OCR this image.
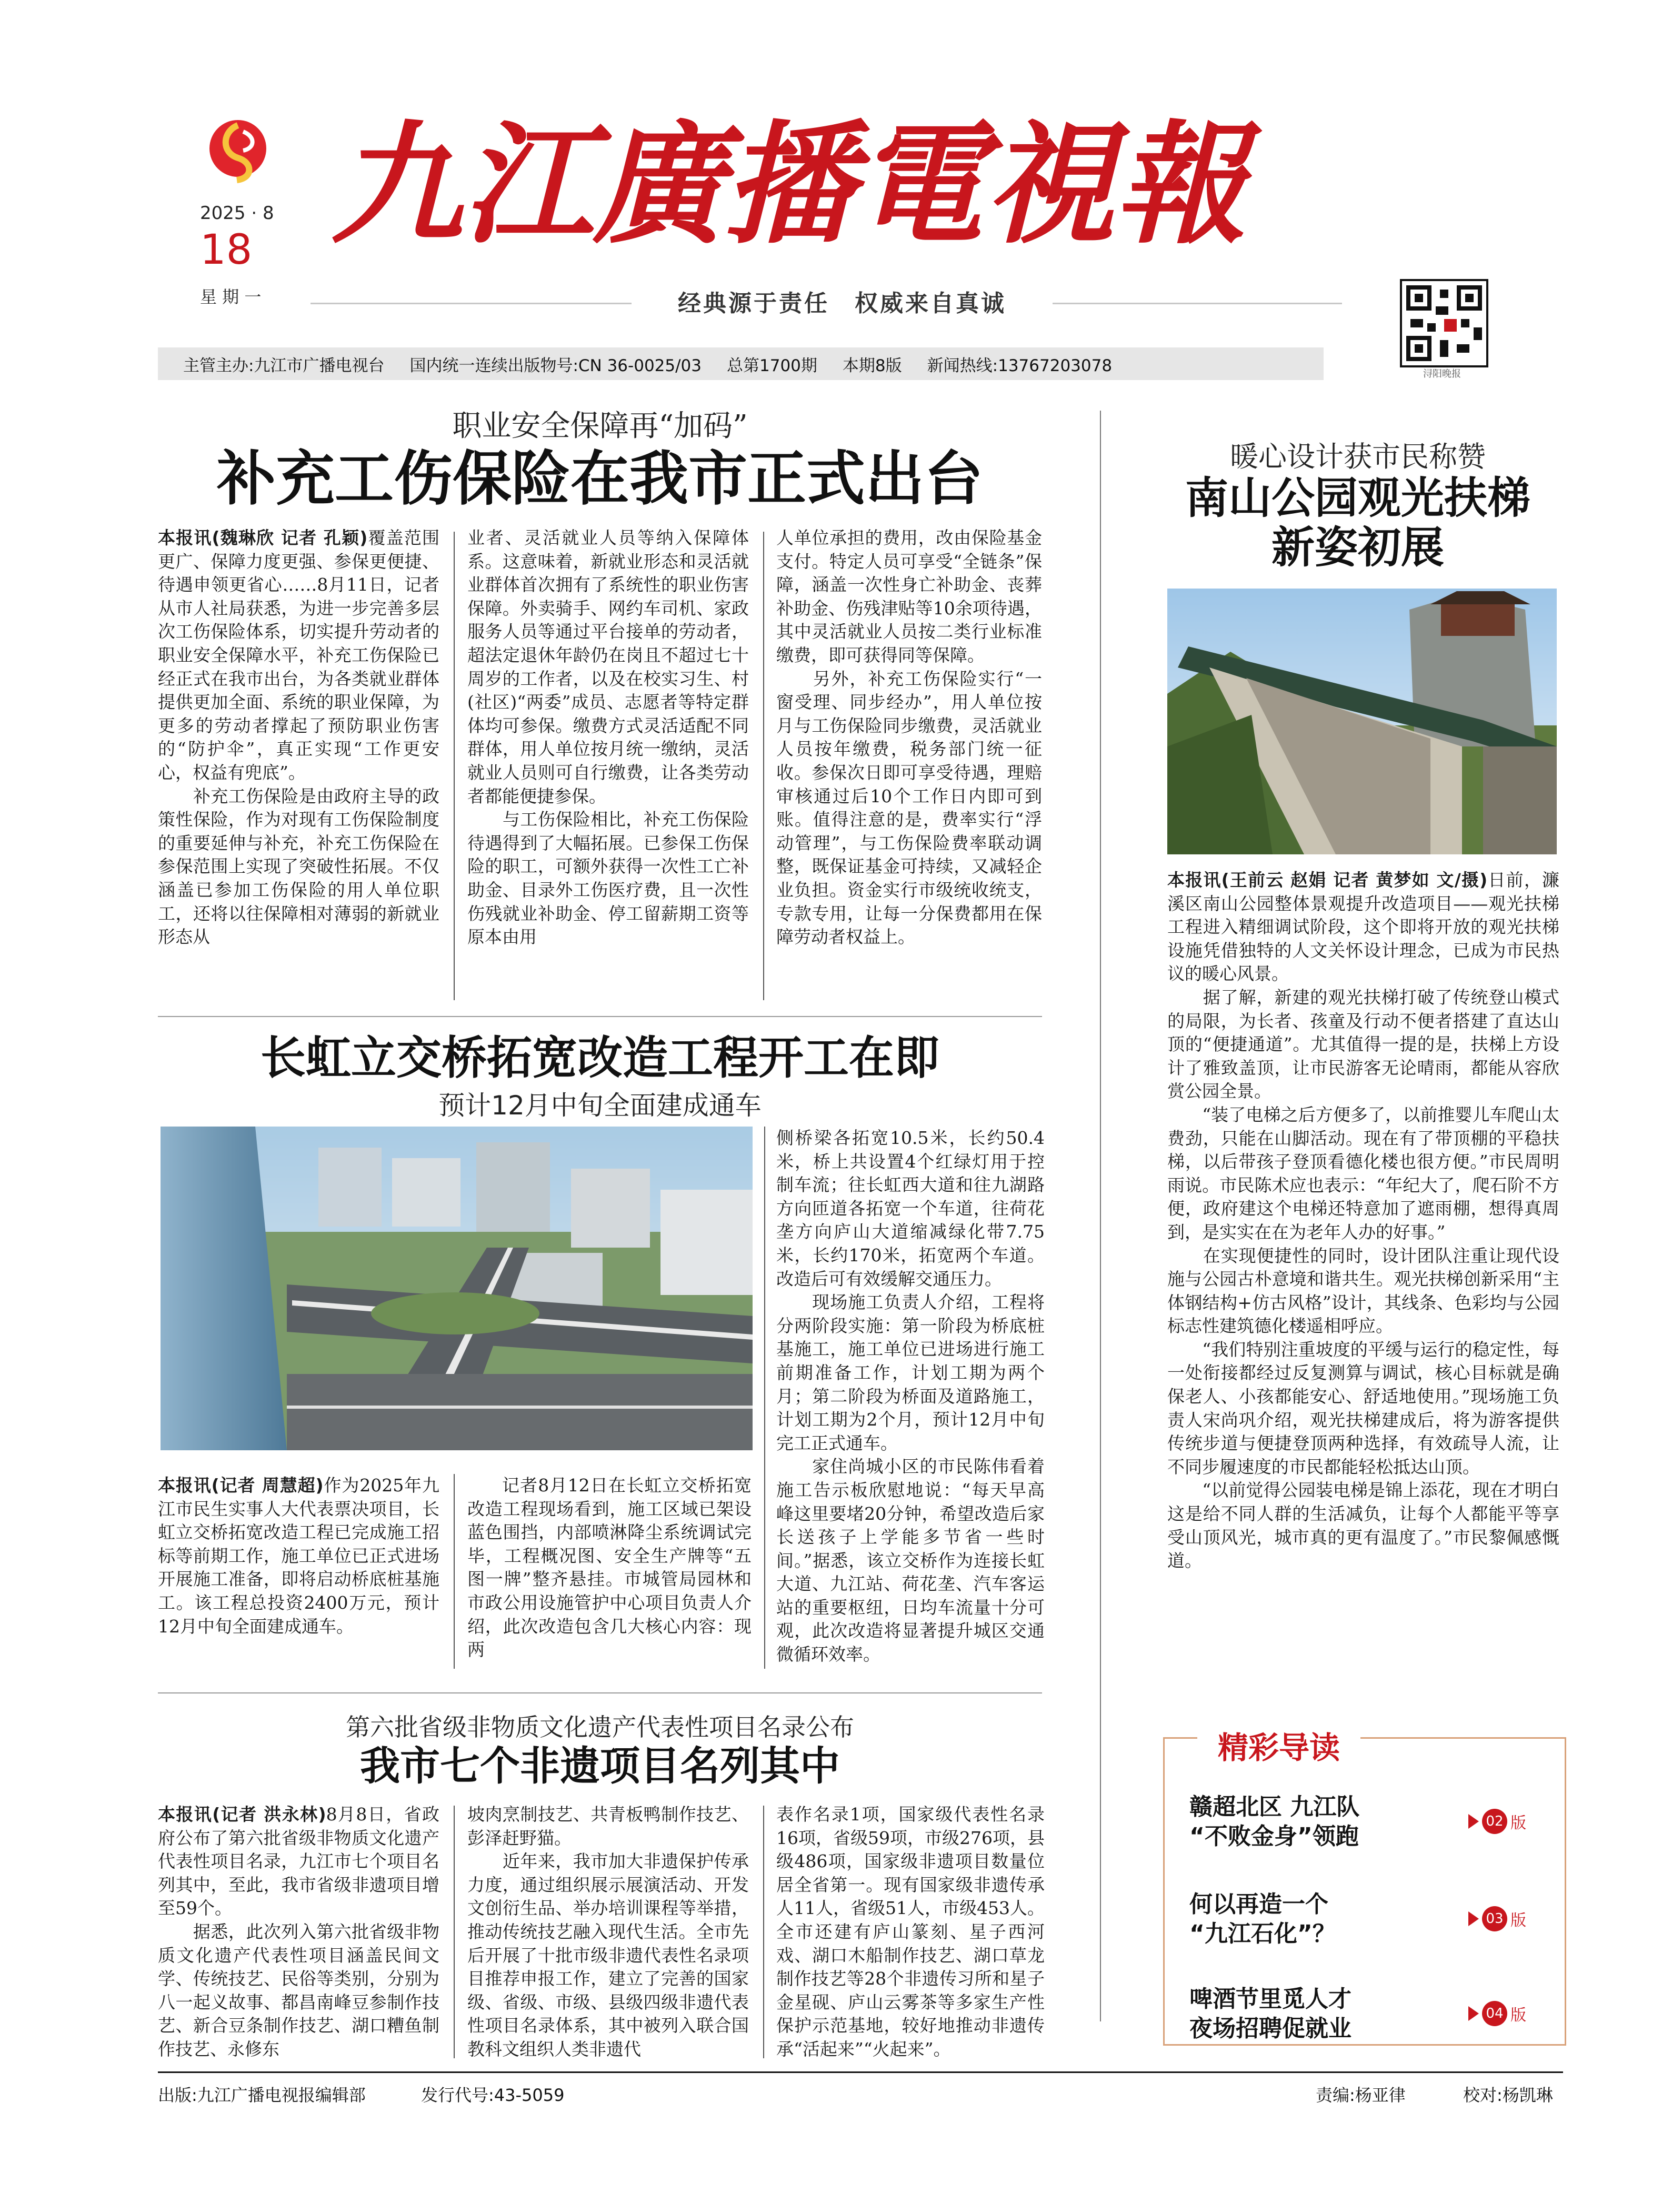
2025 · 8
18
星 期 一
九江廣播電視報
经典源于责任　权威来自真诚
浔阳晚报
主管主办:九江市广播电视台 国内统一连续出版物号:CN 36-0025/03 总第1700期 本期8版 新闻热线:13767203078
职业安全保障再“加码”
补充工伤保险在我市正式出台
本报讯(魏琳欣 记者 孔颖)覆盖范围更广、保障力度更强、参保更便捷、待遇申领更省心……8月11日，记者从市人社局获悉，为进一步完善多层次工伤保险体系，切实提升劳动者的职业安全保障水平，补充工伤保险已经正式在我市出台，为各类就业群体提供更加全面、系统的职业保障，为更多的劳动者撑起了预防职业伤害的“防护伞”，真正实现“工作更安心，权益有兜底”。
　　补充工伤保险是由政府主导的政策性保险，作为对现有工伤保险制度的重要延伸与补充，补充工伤保险在参保范围上实现了突破性拓展。不仅涵盖已参加工伤保险的用人单位职工，还将以往保障相对薄弱的新就业形态从
业者、灵活就业人员等纳入保障体系。这意味着，新就业形态和灵活就业群体首次拥有了系统性的职业伤害保障。外卖骑手、网约车司机、家政服务人员等通过平台接单的劳动者，超法定退休年龄仍在岗且不超过七十周岁的工作者，以及在校实习生、村(社区)“两委”成员、志愿者等特定群体均可参保。缴费方式灵活适配不同群体，用人单位按月统一缴纳，灵活就业人员则可自行缴费，让各类劳动者都能便捷参保。
　　与工伤保险相比，补充工伤保险待遇得到了大幅拓展。已参保工伤保险的职工，可额外获得一次性工亡补助金、目录外工伤医疗费，且一次性伤残就业补助金、停工留薪期工资等原本由用
人单位承担的费用，改由保险基金支付。特定人员可享受“全链条”保障，涵盖一次性身亡补助金、丧葬补助金、伤残津贴等10余项待遇，其中灵活就业人员按二类行业标准缴费，即可获得同等保障。
　　另外，补充工伤保险实行“一窗受理、同步经办”，用人单位按月与工伤保险同步缴费，灵活就业人员按年缴费，税务部门统一征收。参保次日即可享受待遇，理赔审核通过后10个工作日内即可到账。值得注意的是，费率实行“浮动管理”，与工伤保险费率联动调整，既保证基金可持续，又减轻企业负担。资金实行市级统收统支，专款专用，让每一分保费都用在保障劳动者权益上。
暖心设计获市民称赞
南山公园观光扶梯
新姿初展
本报讯(王前云 赵娟 记者 黄梦如 文/摄)日前，濂溪区南山公园整体景观提升改造项目——观光扶梯工程进入精细调试阶段，这个即将开放的观光扶梯设施凭借独特的人文关怀设计理念，已成为市民热议的暖心风景。
　　据了解，新建的观光扶梯打破了传统登山模式的局限，为长者、孩童及行动不便者搭建了直达山顶的“便捷通道”。尤其值得一提的是，扶梯上方设计了雅致盖顶，让市民游客无论晴雨，都能从容欣赏公园全景。
　　“装了电梯之后方便多了，以前推婴儿车爬山太费劲，只能在山脚活动。现在有了带顶棚的平稳扶梯，以后带孩子登顶看德化楼也很方便。”市民周明雨说。市民陈术应也表示：“年纪大了，爬石阶不方便，政府建这个电梯还特意加了遮雨棚，想得真周到，是实实在在为老年人办的好事。”
　　在实现便捷性的同时，设计团队注重让现代设施与公园古朴意境和谐共生。观光扶梯创新采用“主体钢结构+仿古风格”设计，其线条、色彩均与公园标志性建筑德化楼遥相呼应。
　　“我们特别注重坡度的平缓与运行的稳定性，每一处衔接都经过反复测算与调试，核心目标就是确保老人、小孩都能安心、舒适地使用。”现场施工负责人宋尚巩介绍，观光扶梯建成后，将为游客提供传统步道与便捷登顶两种选择，有效疏导人流，让不同步履速度的市民都能轻松抵达山顶。
　　“以前觉得公园装电梯是锦上添花，现在才明白这是给不同人群的生活减负，让每个人都能平等享受山顶风光，城市真的更有温度了。”市民黎佩感慨道。
长虹立交桥拓宽改造工程开工在即
预计12月中旬全面建成通车
侧桥梁各拓宽10.5米，长约50.4米，桥上共设置4个红绿灯用于控制车流；往长虹西大道和往九湖路方向匝道各拓宽一个车道，往荷花垄方向庐山大道缩减绿化带7.75米，长约170米，拓宽两个车道。改造后可有效缓解交通压力。
　　现场施工负责人介绍，工程将分两阶段实施：第一阶段为桥底桩基施工，施工单位已进场进行施工前期准备工作，计划工期为两个月；第二阶段为桥面及道路施工，计划工期为2个月，预计12月中旬完工正式通车。
　　家住尚城小区的市民陈伟看着施工告示板欣慰地说：“每天早高峰这里要堵20分钟，希望改造后家长送孩子上学能多节省一些时间。”据悉，该立交桥作为连接长虹大道、九江站、荷花垄、汽车客运站的重要枢纽，日均车流量十分可观，此次改造将显著提升城区交通微循环效率。
本报讯(记者 周慧超)作为2025年九江市民生实事人大代表票决项目，长虹立交桥拓宽改造工程已完成施工招标等前期工作，施工单位已正式进场开展施工准备，即将启动桥底桩基施工。该工程总投资2400万元，预计12月中旬全面建成通车。
记者8月12日在长虹立交桥拓宽改造工程现场看到，施工区域已架设蓝色围挡，内部喷淋降尘系统调试完毕，工程概况图、安全生产牌等“五图一牌”整齐悬挂。市城管局园林和市政公用设施管护中心项目负责人介绍，此次改造包含几大核心内容：现两
第六批省级非物质文化遗产代表性项目名录公布
我市七个非遗项目名列其中
本报讯(记者 洪永林)8月8日，省政府公布了第六批省级非物质文化遗产代表性项目名录，九江市七个项目名列其中，至此，我市省级非遗项目增至59个。
　　据悉，此次列入第六批省级非物质文化遗产代表性项目涵盖民间文学、传统技艺、民俗等类别，分别为八一起义故事、都昌南峰豆参制作技艺、新合豆条制作技艺、湖口糟鱼制作技艺、永修东
坡肉烹制技艺、共青板鸭制作技艺、彭泽赶野猫。
　　近年来，我市加大非遗保护传承力度，通过组织展示展演活动、开发文创衍生品、举办培训课程等举措，推动传统技艺融入现代生活。全市先后开展了十批市级非遗代表性名录项目推荐申报工作，建立了完善的国家级、省级、市级、县级四级非遗代表性项目名录体系，其中被列入联合国教科文组织人类非遗代
表作名录1项，国家级代表性名录16项，省级59项，市级276项，县级486项，国家级非遗项目数量位居全省第一。现有国家级非遗传承人11人，省级51人，市级453人。全市还建有庐山篆刻、星子西河戏、湖口木船制作技艺、湖口草龙制作技艺等28个非遗传习所和星子金星砚、庐山云雾茶等多家生产性保护示范基地，较好地推动非遗传承“活起来”“火起来”。
精彩导读
赣超北区 九江队
“不败金身”领跑
02 版
何以再造一个
“九江石化”？
03 版
啤酒节里觅人才
夜场招聘促就业
04 版
出版:九江广播电视报编辑部	发行代号:43-5059	责编:杨亚律	校对:杨凯琳
